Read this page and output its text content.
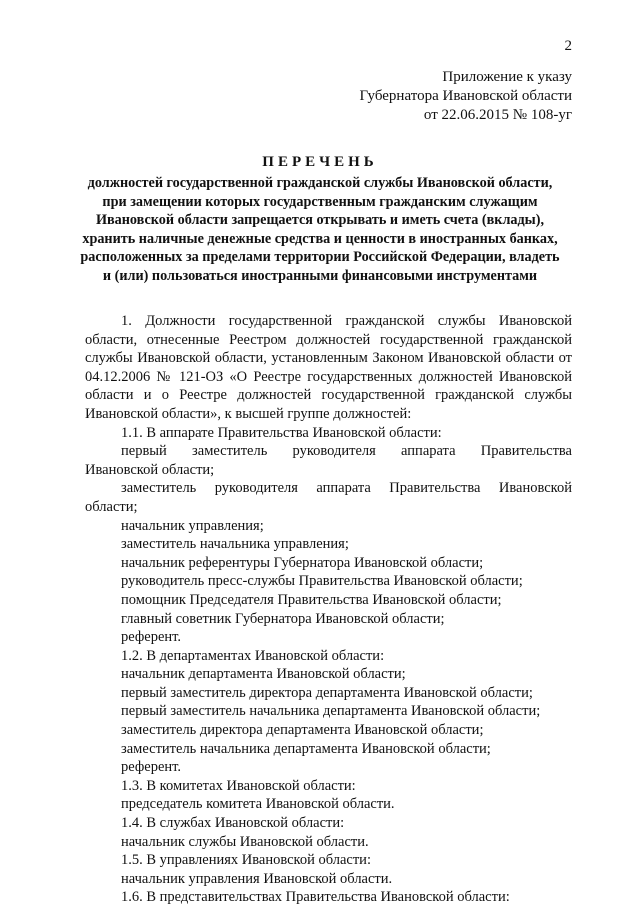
2
Приложение к указу
Губернатора Ивановской области
от 22.06.2015 № 108-уг
ПЕРЕЧЕНЬ
должностей государственной гражданской службы Ивановской области, при замещении которых государственным гражданским служащим Ивановской области запрещается открывать и иметь счета (вклады), хранить наличные денежные средства и ценности в иностранных банках, расположенных за пределами территории Российской Федерации, владеть и (или) пользоваться иностранными финансовыми инструментами

1. Должности государственной гражданской службы Ивановской области, отнесенные Реестром должностей государственной гражданской службы Ивановской области, установленным Законом Ивановской области от 04.12.2006 № 121-ОЗ «О Реестре государственных должностей Ивановской области и о Реестре должностей государственной гражданской службы Ивановской области», к высшей группе должностей:

1.1. В аппарате Правительства Ивановской области:

первый заместитель руководителя аппарата Правительства

Ивановской области;

заместитель руководителя аппарата Правительства Ивановской

области;

начальник управления;

заместитель начальника управления;

начальник референтуры Губернатора Ивановской области;

руководитель пресс-службы Правительства Ивановской области;

помощник Председателя Правительства Ивановской области;

главный советник Губернатора Ивановской области;

референт.

1.2. В департаментах Ивановской области:

начальник департамента Ивановской области;

первый заместитель директора департамента Ивановской области;

первый заместитель начальника департамента Ивановской области;

заместитель директора департамента Ивановской области;

заместитель начальника департамента Ивановской области;

референт.

1.3. В комитетах Ивановской области:

председатель комитета Ивановской области.

1.4. В службах Ивановской области:

начальник службы Ивановской области.

1.5. В управлениях Ивановской области:

начальник управления Ивановской области.

1.6. В представительствах Правительства Ивановской области:
